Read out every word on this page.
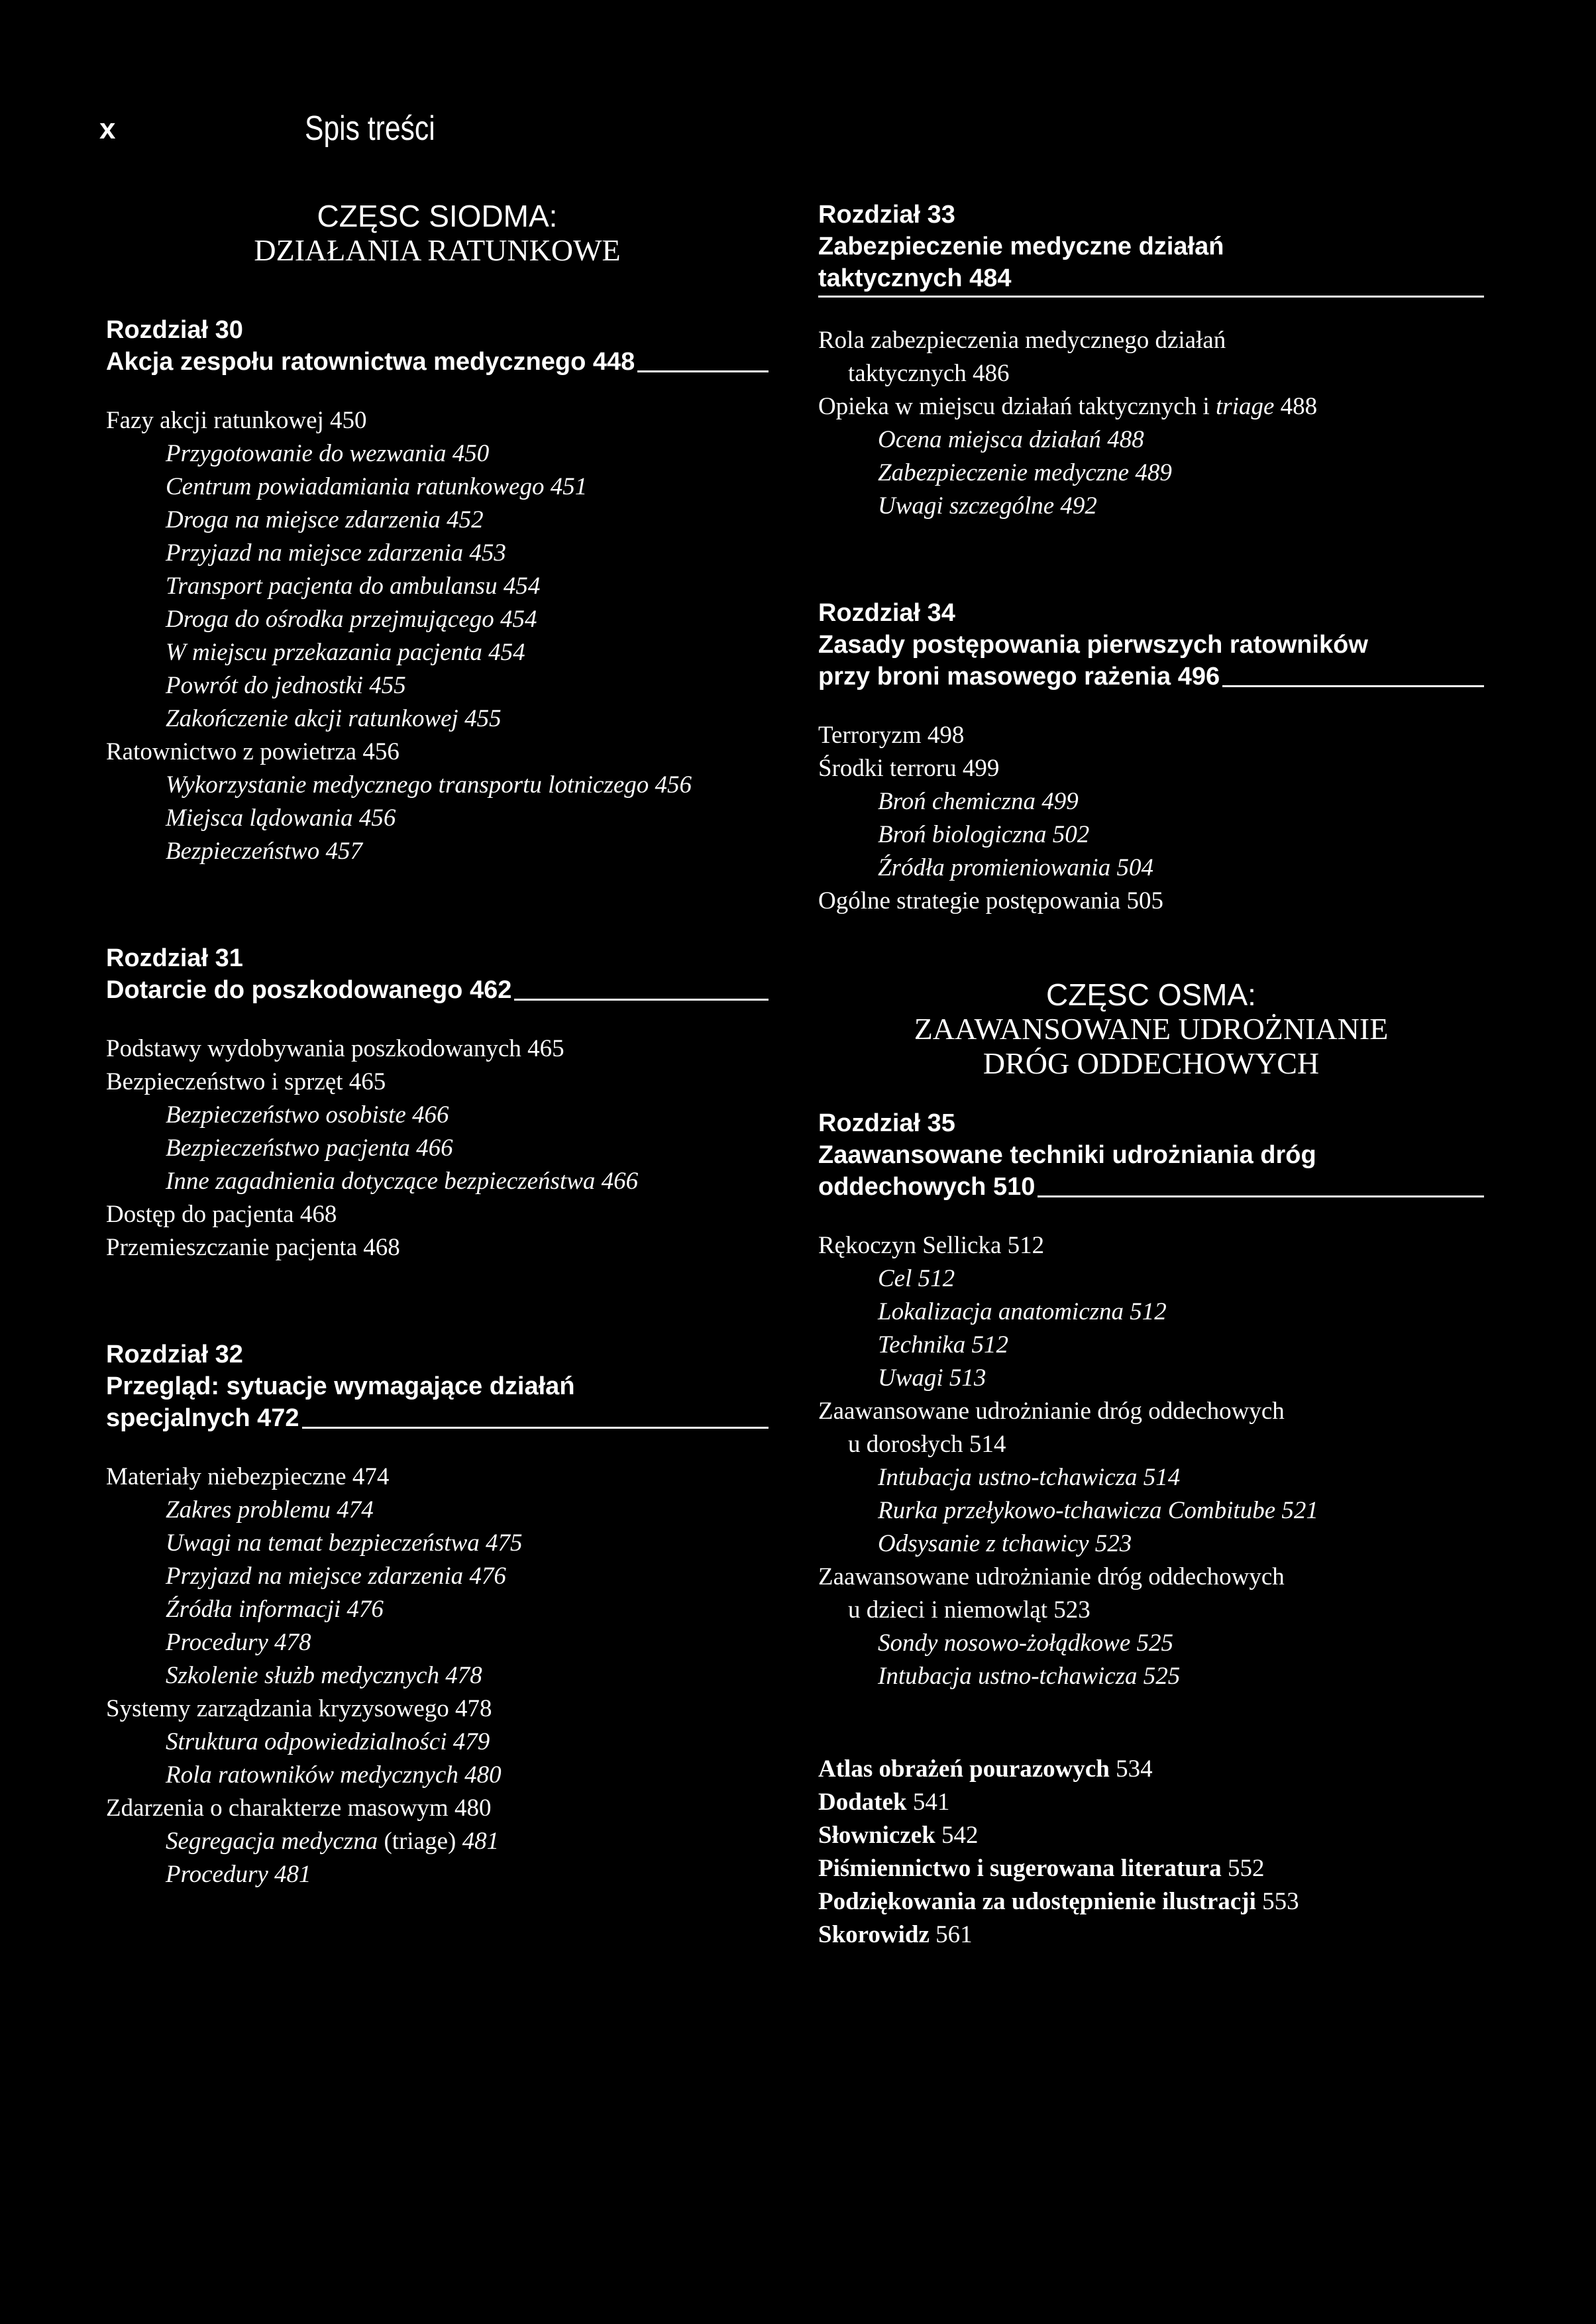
x	Spis treści
CZĘSC SIODMA:
DZIAŁANIA RATUNKOWE
Rozdział 30
Akcja zespołu ratownictwa medycznego
448
Fazy akcji ratunkowej 450
Przygotowanie do wezwania 450
Centrum powiadamiania ratunkowego 451
Droga na miejsce zdarzenia 452
Przyjazd na miejsce zdarzenia 453
Transport pacjenta do ambulansu 454
Droga do ośrodka przejmującego 454
W miejscu przekazania pacjenta 454
Powrót do jednostki 455
Zakończenie akcji ratunkowej 455
Ratownictwo z powietrza 456
Wykorzystanie medycznego transportu lotniczego 456
Miejsca lądowania 456
Bezpieczeństwo 457
Rozdział 31
Dotarcie do poszkodowanego
462
Podstawy wydobywania poszkodowanych 465
Bezpieczeństwo i sprzęt 465
Bezpieczeństwo osobiste 466
Bezpieczeństwo pacjenta 466
Inne zagadnienia dotyczące bezpieczeństwa 466
Dostęp do pacjenta 468
Przemieszczanie pacjenta 468
Rozdział 32
Przegląd: sytuacje wymagające działań
specjalnych
472
Materiały niebezpieczne 474
Zakres problemu 474
Uwagi na temat bezpieczeństwa 475
Przyjazd na miejsce zdarzenia 476
Źródła informacji 476
Procedury 478
Szkolenie służb medycznych 478
Systemy zarządzania kryzysowego 478
Struktura odpowiedzialności 479
Rola ratowników medycznych 480
Zdarzenia o charakterze masowym 480
Segregacja medyczna (triage) 481
Procedury 481
Rozdział 33
Zabezpieczenie medyczne działań
taktycznych 484
Rola zabezpieczenia medycznego działań
taktycznych 486
Opieka w miejscu działań taktycznych i triage 488
Ocena miejsca działań 488
Zabezpieczenie medyczne 489
Uwagi szczególne 492
Rozdział 34
Zasady postępowania pierwszych ratowników
przy broni masowego rażenia
496
Terroryzm 498
Środki terroru 499
Broń chemiczna 499
Broń biologiczna 502
Źródła promieniowania 504
Ogólne strategie postępowania 505
CZĘSC OSMA:
ZAAWANSOWANE UDROŻNIANIE
DRÓG ODDECHOWYCH
Rozdział 35
Zaawansowane techniki udrożniania dróg
oddechowych
510
Rękoczyn Sellicka 512
Cel 512
Lokalizacja anatomiczna 512
Technika 512
Uwagi 513
Zaawansowane udrożnianie dróg oddechowych
u dorosłych 514
Intubacja ustno-tchawicza 514
Rurka przełykowo-tchawicza Combitube 521
Odsysanie z tchawicy 523
Zaawansowane udrożnianie dróg oddechowych
u dzieci i niemowląt 523
Sondy nosowo-żołądkowe 525
Intubacja ustno-tchawicza 525
Atlas obrażeń pourazowych 534
Dodatek 541
Słowniczek 542
Piśmiennictwo i sugerowana literatura 552
Podziękowania za udostępnienie ilustracji 553
Skorowidz 561
